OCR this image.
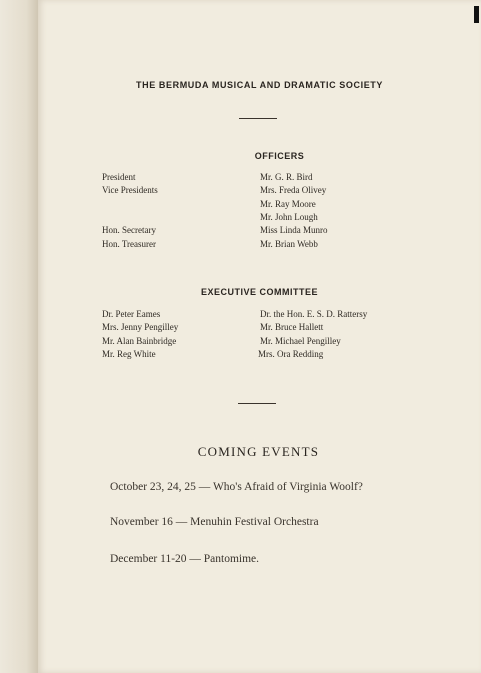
THE BERMUDA MUSICAL AND DRAMATIC SOCIETY
OFFICERS
President
Vice Presidents
Hon. Secretary
Hon. Treasurer
Mr. G. R. Bird
Mrs. Freda Olivey
Mr. Ray Moore
Mr. John Lough
Miss Linda Munro
Mr. Brian Webb
EXECUTIVE COMMITTEE
Dr. Peter Eames
Mrs. Jenny Pengilley
Mr. Alan Bainbridge
Mr. Reg White
Dr. the Hon. E. S. D. Rattersy
Mr. Bruce Hallett
Mr. Michael Pengilley
Mrs. Ora Redding
COMING EVENTS
October 23, 24, 25 — Who's Afraid of Virginia Woolf?
November 16 — Menuhin Festival Orchestra
December 11-20 — Pantomime.
